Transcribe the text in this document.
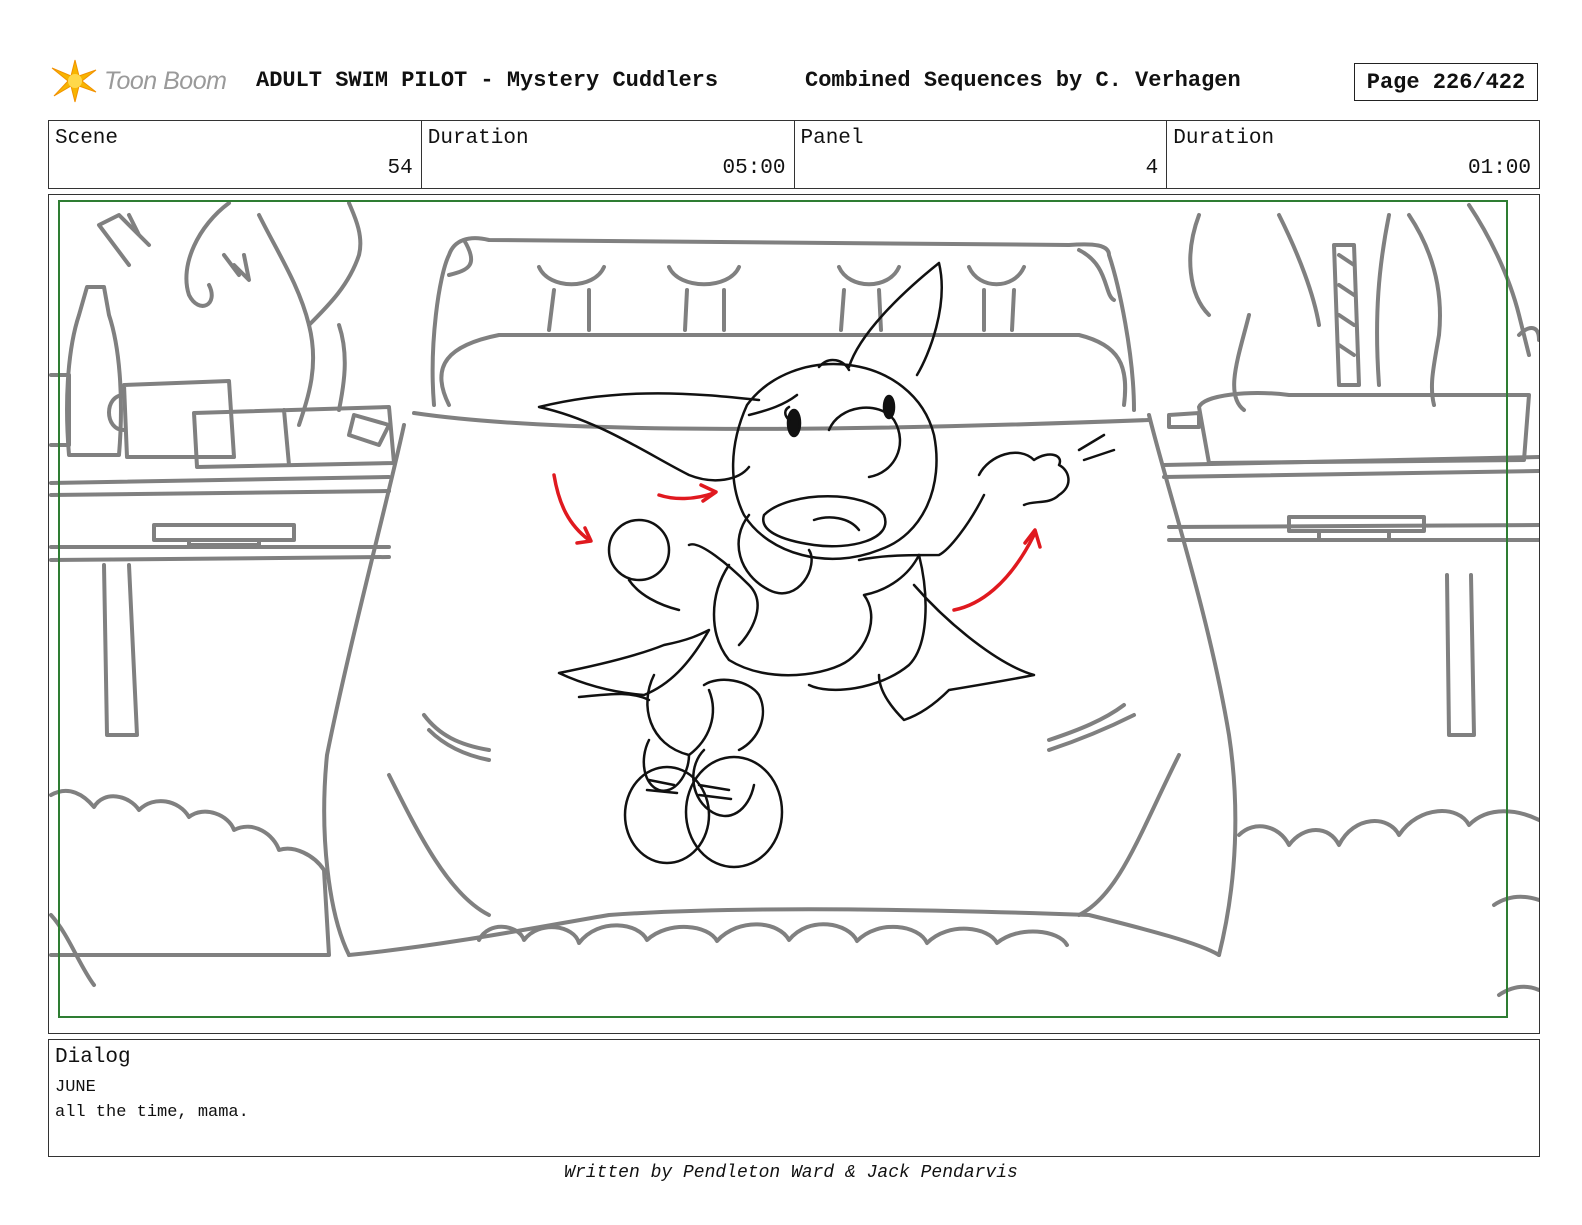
Toon Boom ADULT SWIM PILOT - Mystery Cuddlers	Combined Sequences by C. Verhagen	Page 226/422
Scene
54
Duration
05:00
Panel
4
Duration
01:00
Dialog
JUNE
all the time, mama.
Written by Pendleton Ward & Jack Pendarvis
